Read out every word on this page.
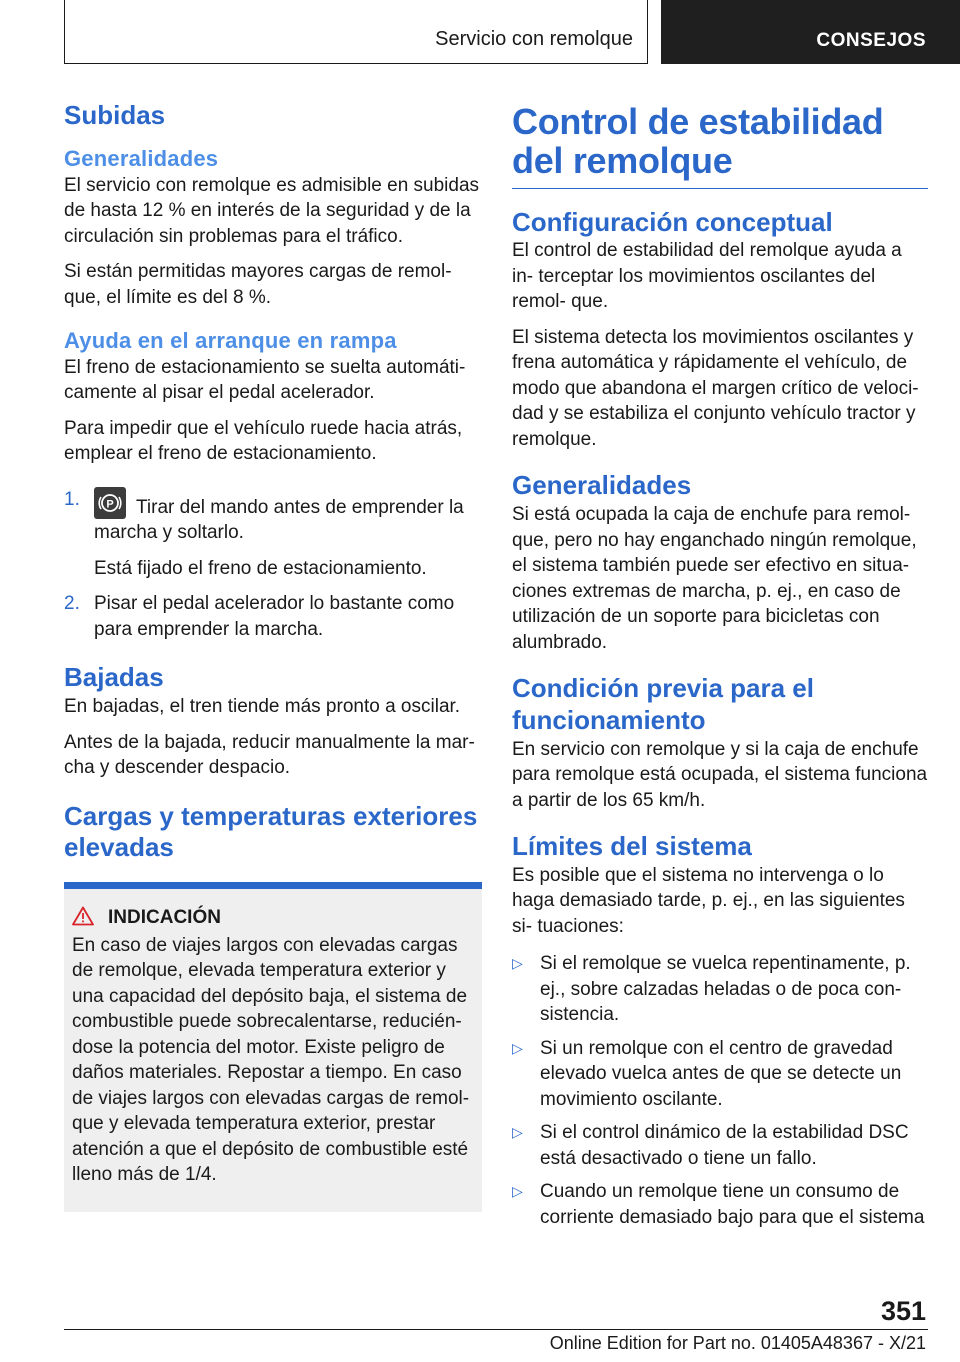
Servicio con remolque	CONSEJOS
Subidas
Generalidades

El servicio con remolque es admisible en subidas de hasta 12 % en interés de la seguridad y de la circulación sin problemas para el tráfico.

Si están permitidas mayores cargas de remol‐ que, el límite es del 8 %.

Ayuda en el arranque en rampa

El freno de estacionamiento se suelta automáti‐ camente al pisar el pedal acelerador.

Para impedir que el vehículo ruede hacia atrás, emplear el freno de estacionamiento.

1.	P Tirar del mando antes de emprender la marcha y soltarlo.

Está fijado el freno de estacionamiento.

2. Pisar el pedal acelerador lo bastante como para emprender la marcha.

Bajadas

En bajadas, el tren tiende más pronto a oscilar.

Antes de la bajada, reducir manualmente la mar‐ cha y descender despacio.

Cargas y temperaturas exteriores elevadas
INDICACIÓN

En caso de viajes largos con elevadas cargas de remolque, elevada temperatura exterior y una capacidad del depósito baja, el sistema de combustible puede sobrecalentarse, reducién‐ dose la potencia del motor. Existe peligro de daños materiales. Repostar a tiempo. En caso de viajes largos con elevadas cargas de remol‐ que y elevada temperatura exterior, prestar atención a que el depósito de combustible esté lleno más de 1/4.

Control de estabilidad del remolque
Configuración conceptual

El control de estabilidad del remolque ayuda a in‐ terceptar los movimientos oscilantes del remol‐ que.

El sistema detecta los movimientos oscilantes y frena automática y rápidamente el vehículo, de modo que abandona el margen crítico de veloci‐ dad y se estabiliza el conjunto vehículo tractor y remolque.

Generalidades

Si está ocupada la caja de enchufe para remol‐ que, pero no hay enganchado ningún remolque, el sistema también puede ser efectivo en situa‐ ciones extremas de marcha, p. ej., en caso de utilización de un soporte para bicicletas con alumbrado.

Condición previa para el funcionamiento

En servicio con remolque y si la caja de enchufe para remolque está ocupada, el sistema funciona a partir de los 65 km/h.

Límites del sistema

Es posible que el sistema no intervenga o lo haga demasiado tarde, p. ej., en las siguientes si‐ tuaciones:

▷ Si el remolque se vuelca repentinamente, p. ej., sobre calzadas heladas o de poca con‐ sistencia.

▷ Si un remolque con el centro de gravedad elevado vuelca antes de que se detecte un movimiento oscilante.

▷ Si el control dinámico de la estabilidad DSC está desactivado o tiene un fallo.

▷ Cuando un remolque tiene un consumo de corriente demasiado bajo para que el sistema

351
Online Edition for Part no. 01405A48367 - X/21
